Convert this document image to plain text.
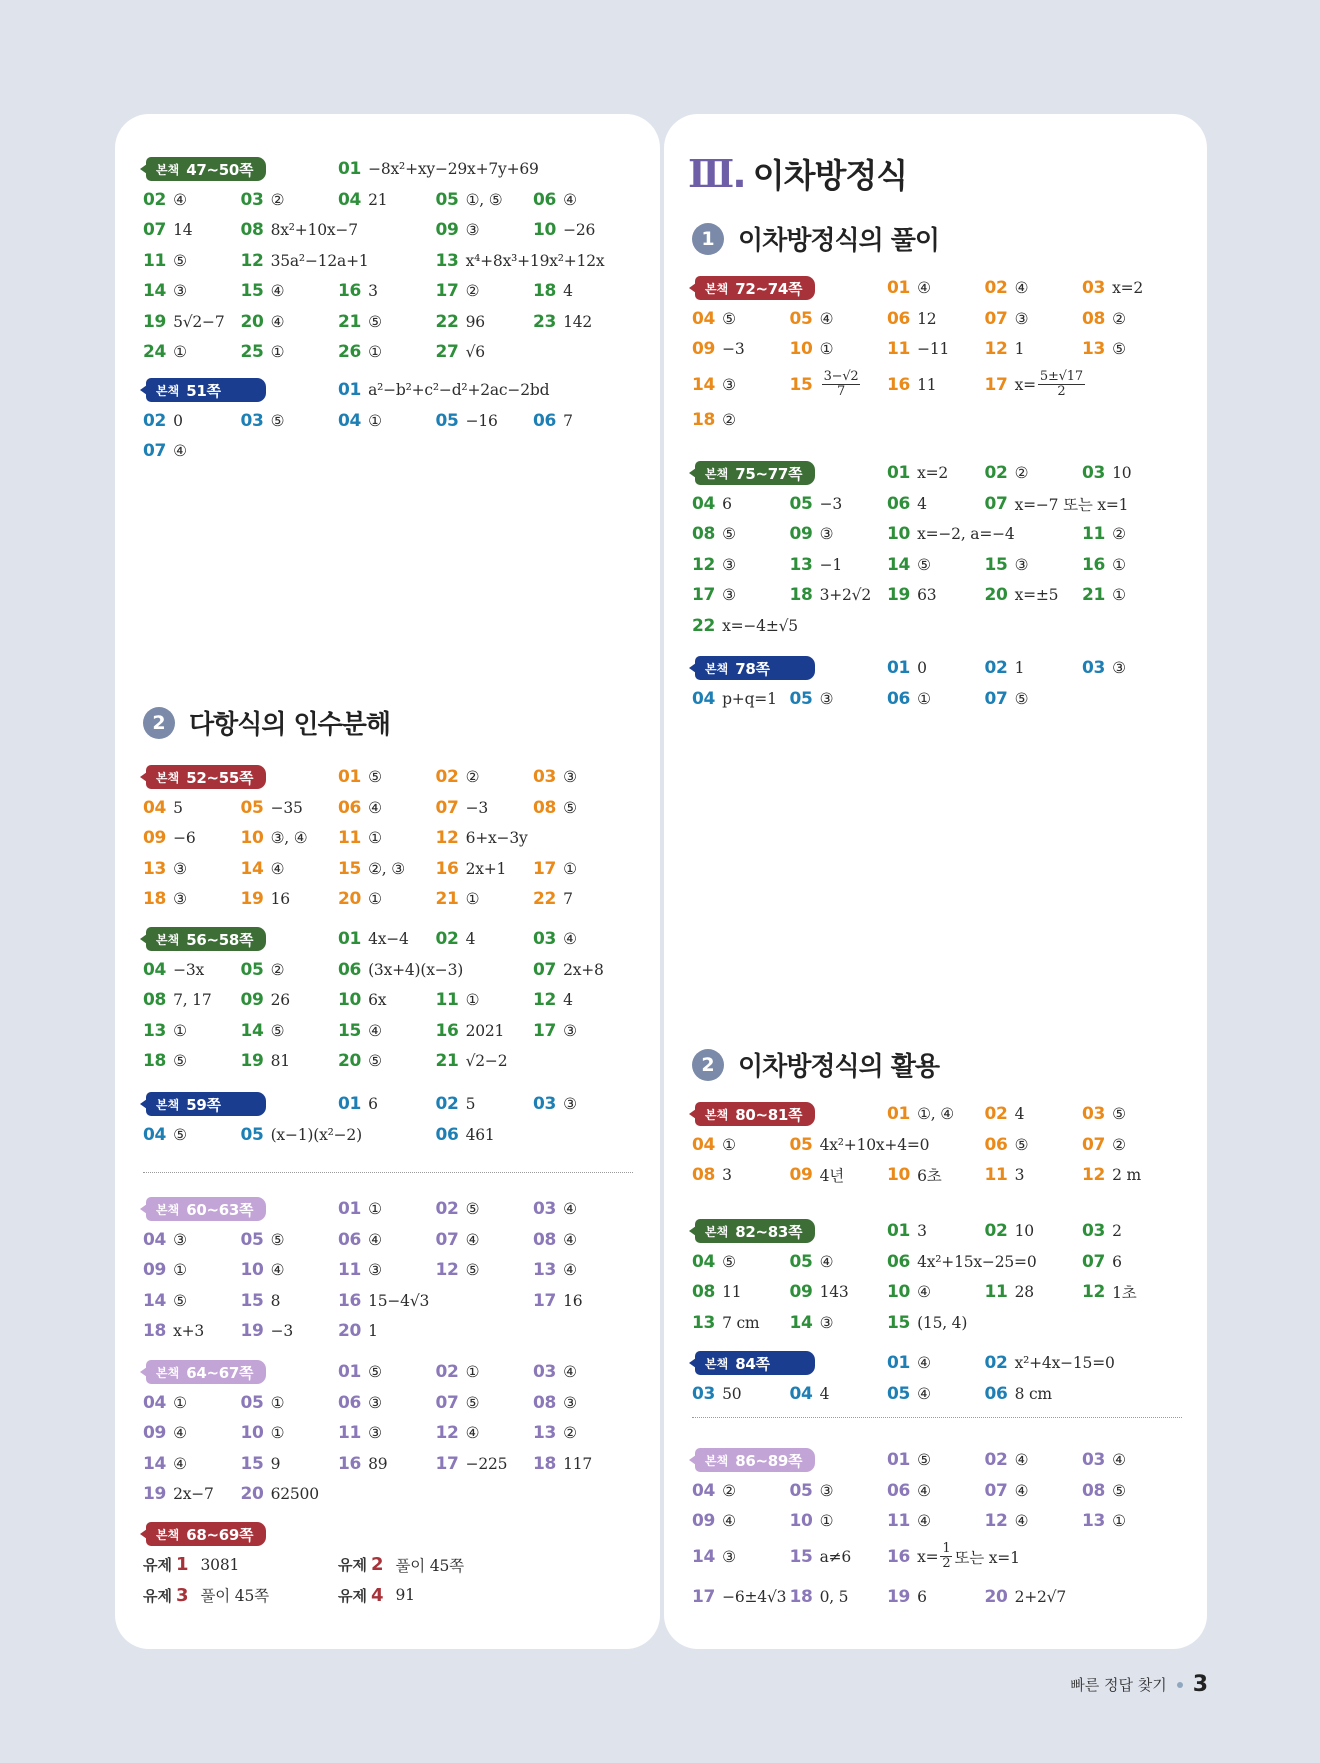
본책 47~50쪽	01 −8x²+xy−29x+7y+69
02 ④	03 ②	04 21	05 ①, ⑤ 06 ④
07 14	08 8x²+10x−7	09 ③	10 −26
11 ⑤	12 35a²−12a+1	13 x⁴+8x³+19x²+12x
14 ③	15 ④	16 3	17 ②	18 4
19 5√2−7 20 ④	21 ⑤	22 96	23 142
24 ①	25 ①	26 ①	27 √6
본책 51쪽	01 a²−b²+c²−d²+2ac−2bd
02 0	03 ⑤	04 ①	05 −16 06 7
07 ④
2 다항식의 인수분해
본책 52~55쪽	01 ⑤	02 ②	03 ③
04 5	05 −35 06 ④	07 −3	08 ⑤
09 −6	10 ③, ④ 11 ①	12 6+x−3y
13 ③	14 ④	15 ②, ③ 16 2x+1 17 ①
18 ③	19 16	20 ①	21 ①	22 7
본책 56~58쪽	01 4x−4 02 4	03 ④
04 −3x 05 ②	06 (3x+4)(x−3)	07 2x+8
08 7, 17 09 26	10 6x	11 ①	12 4
13 ①	14 ⑤	15 ④	16 2021 17 ③
18 ⑤	19 81	20 ⑤	21 √2−2
본책 59쪽	01 6	02 5	03 ③
04 ⑤	05 (x−1)(x²−2)	06 461
본책 60~63쪽	01 ①	02 ⑤	03 ④
04 ③	05 ⑤	06 ④	07 ④	08 ④
09 ①	10 ④	11 ③	12 ⑤	13 ④
14 ⑤	15 8	16 15−4√3	17 16
18 x+3 19 −3	20 1
본책 64~67쪽	01 ⑤	02 ①	03 ④
04 ①	05 ①	06 ③	07 ⑤	08 ③
09 ④	10 ①	11 ③	12 ④	13 ②
14 ④	15 9	16 89	17 −225 18 117
19 2x−7 20 62500
본책 68~69쪽
유제 1 3081	유제 2 풀이 45쪽
유제 3 풀이 45쪽	유제 4 91
Ⅲ . 이차방정식
1 이차방정식의 풀이
본책 72~74쪽	01 ④	02 ④	03 x=2
04 ⑤	05 ④	06 12	07 ③	08 ②
09 −3	10 ①	11 −11 12 1	13 ⑤
14 ③	$15 \frac{3-√2}{7} 16$ 11	17 $x= \frac{5\pm√17}{2}$
18 ②
본책 75~77쪽	01 x=2 02 ②	03 10
04 6	05 −3	06 4	07 x=−7 또는 x=1
08 ⑤	09 ③	10 x=−2, a=−4	11 ②
12 ③	13 −1	14 ⑤	15 ③	16 ①
17 ③	18 3+2√2 19 63	20 x=±5 21 ①
22 x=−4±√5
본책 78쪽	01 0	02 1	03 ③
04 p+q=1 05 ③	06 ①	07 ⑤
2 이차방정식의 활용
본책 80~81쪽	01 ①, ④ 02 4	03 ⑤
04 ①	05 4x²+10x+4=0	06 ⑤	07 ②
08 3	09 4년	10 6초	11 3	12 2 m
본책 82~83쪽	01 3	02 10	03 2
04 ⑤	05 ④	06 4x²+15x−25=0	07 6
08 11	09 143 10 ④	11 28	12 1초
13 7 cm 14 ③	15 (15, 4)
본책 84쪽	01 ④	02 x²+4x−15=0
03 50	04 4	05 ④	06 8 cm
본책 86~89쪽	01 ⑤	02 ④	03 ④
04 ②	05 ③	06 ④	07 ④	08 ⑤
09 ④	10 ①	11 ④	12 ④	13 ①
14 ③	15 a≠6 16 $x= \frac{1}{2}$ 또는 x=1
17 −6±4√3 18 0, 5 19 6	20 2+2√7
빠른 정답 찾기 3
